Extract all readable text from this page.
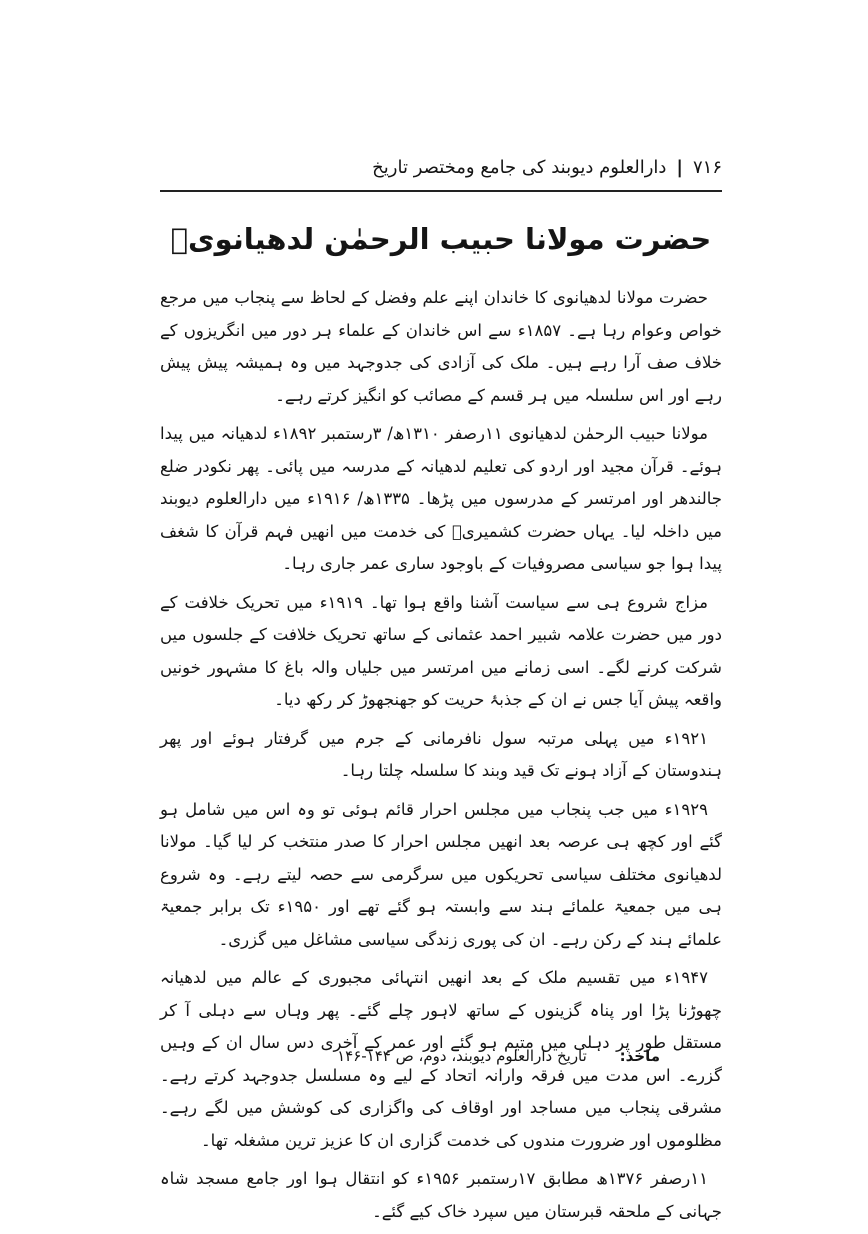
۷۱۶
|
دارالعلوم دیوبند کی جامع ومختصر تاریخ
حضرت مولانا حبیب الرحمٰن لدھیانویؒ

حضرت مولانا لدھیانوی کا خاندان اپنے علم وفضل کے لحاظ سے پنجاب میں مرجع خواص وعوام رہا ہے۔ ۱۸۵۷ء سے اس خاندان کے علماء ہر دور میں انگریزوں کے خلاف صف آرا رہے ہیں۔ ملک کی آزادی کی جدوجہد میں وہ ہمیشہ پیش پیش رہے اور اس سلسلہ میں ہر قسم کے مصائب کو انگیز کرتے رہے۔

مولانا حبیب الرحمٰن لدھیانوی ۱۱رصفر ۱۳۱۰ھ/ ۳رستمبر ۱۸۹۲ء لدھیانہ میں پیدا ہوئے۔ قرآن مجید اور اردو کی تعلیم لدھیانہ کے مدرسہ میں پائی۔ پھر نکودر ضلع جالندھر اور امرتسر کے مدرسوں میں پڑھا۔ ۱۳۳۵ھ/ ۱۹۱۶ء میں دارالعلوم دیوبند میں داخلہ لیا۔ یہاں حضرت کشمیریؒ کی خدمت میں انھیں فہم قرآن کا شغف پیدا ہوا جو سیاسی مصروفیات کے باوجود ساری عمر جاری رہا۔

مزاج شروع ہی سے سیاست آشنا واقع ہوا تھا۔ ۱۹۱۹ء میں تحریک خلافت کے دور میں حضرت علامہ شبیر احمد عثمانی کے ساتھ تحریک خلافت کے جلسوں میں شرکت کرنے لگے۔ اسی زمانے میں امرتسر میں جلیاں والہ باغ کا مشہور خونیں واقعہ پیش آیا جس نے ان کے جذبۂ حریت کو جھنجھوڑ کر رکھ دیا۔

۱۹۲۱ء میں پہلی مرتبہ سول نافرمانی کے جرم میں گرفتار ہوئے اور پھر ہندوستان کے آزاد ہونے تک قید وبند کا سلسلہ چلتا رہا۔

۱۹۲۹ء میں جب پنجاب میں مجلس احرار قائم ہوئی تو وہ اس میں شامل ہو گئے اور کچھ ہی عرصہ بعد انھیں مجلس احرار کا صدر منتخب کر لیا گیا۔ مولانا لدھیانوی مختلف سیاسی تحریکوں میں سرگرمی سے حصہ لیتے رہے۔ وہ شروع ہی میں جمعیۃ علمائے ہند سے وابستہ ہو گئے تھے اور ۱۹۵۰ء تک برابر جمعیۃ علمائے ہند کے رکن رہے۔ ان کی پوری زندگی سیاسی مشاغل میں گزری۔

۱۹۴۷ء میں تقسیم ملک کے بعد انھیں انتہائی مجبوری کے عالم میں لدھیانہ چھوڑنا پڑا اور پناہ گزینوں کے ساتھ لاہور چلے گئے۔ پھر وہاں سے دہلی آ کر مستقل طور پر دہلی میں متیم ہو گئے اور عمر کے آخری دس سال ان کے وہیں گزرے۔ اس مدت میں فرقہ وارانہ اتحاد کے لیے وہ مسلسل جدوجہد کرتے رہے۔ مشرقی پنجاب میں مساجد اور اوقاف کی واگزاری کی کوشش میں لگے رہے۔ مظلوموں اور ضرورت مندوں کی خدمت گزاری ان کا عزیز ترین مشغلہ تھا۔

۱۱رصفر ۱۳۷۶ھ مطابق ۱۷رستمبر ۱۹۵۶ء کو انتقال ہوا اور جامع مسجد شاہ جہانی کے ملحقہ قبرستان میں سپرد خاک کیے گئے۔

ماخذ: تاریخ دارالعلوم دیوبند، دوم، ص ۱۴۴-۱۴۶
